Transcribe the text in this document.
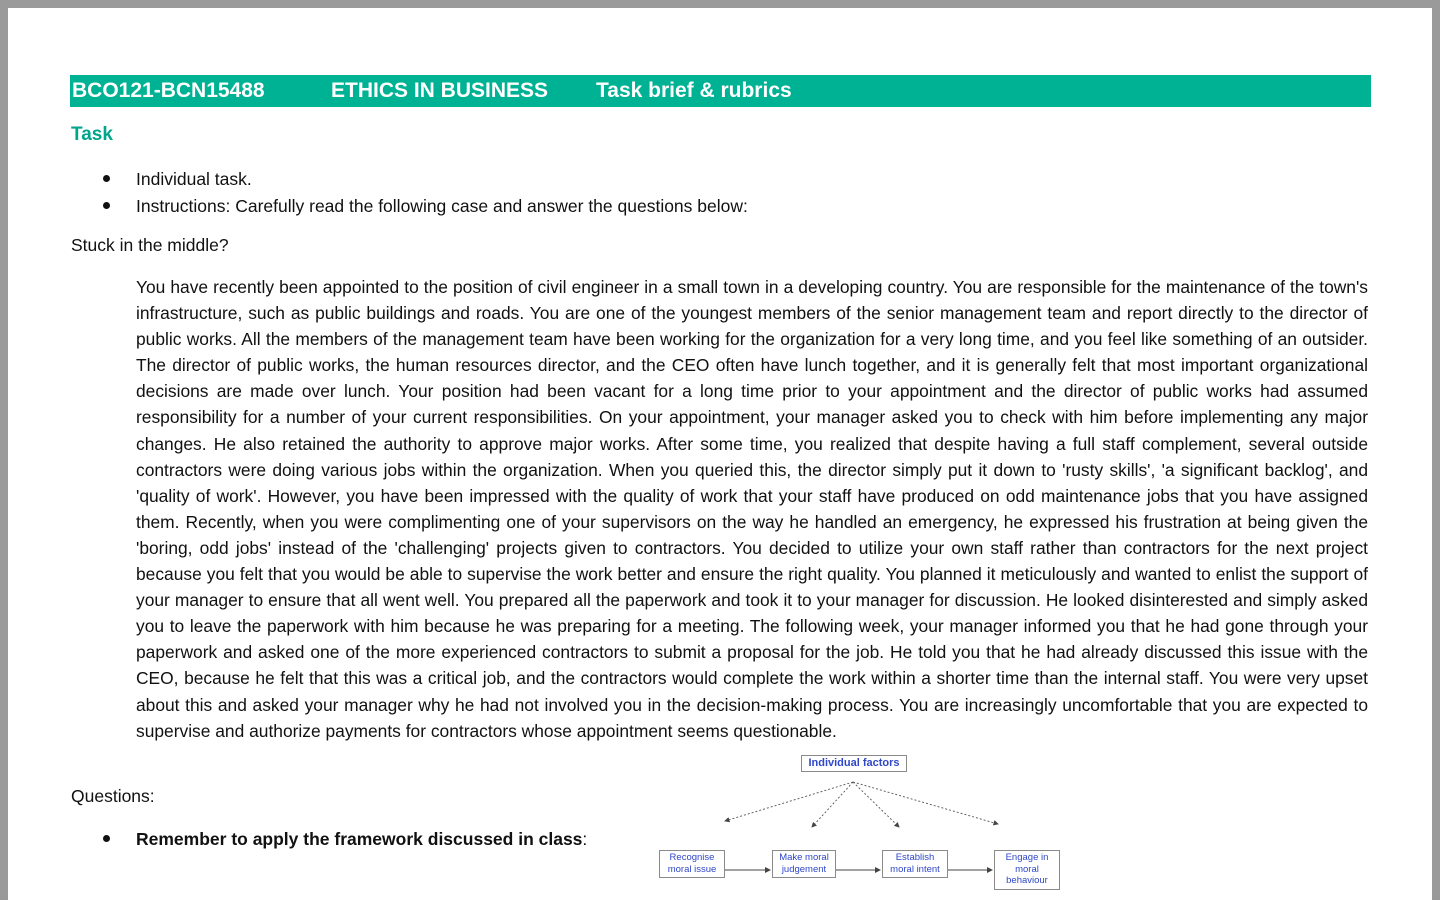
BCO121-BCN15488	ETHICS IN BUSINESS Task brief & rubrics
Task
Individual task.
Instructions: Carefully read the following case and answer the questions below:
Stuck in the middle?
You have recently been appointed to the position of civil engineer in a small town in a developing country. You are responsible for the maintenance of the town's infrastructure, such as public buildings and roads. You are one of the youngest members of the senior management team and report directly to the director of public works. All the members of the management team have been working for the organization for a very long time, and you feel like something of an outsider. The director of public works, the human resources director, and the CEO often have lunch together, and it is generally felt that most important organizational decisions are made over lunch. Your position had been vacant for a long time prior to your appointment and the director of public works had assumed responsibility for a number of your current responsibilities. On your appointment, your manager asked you to check with him before implementing any major changes. He also retained the authority to approve major works. After some time, you realized that despite having a full staff complement, several outside contractors were doing various jobs within the organization. When you queried this, the director simply put it down to 'rusty skills', 'a significant backlog', and 'quality of work'. However, you have been impressed with the quality of work that your staff have produced on odd maintenance jobs that you have assigned them. Recently, when you were complimenting one of your supervisors on the way he handled an emergency, he expressed his frustration at being given the 'boring, odd jobs' instead of the 'challenging' projects given to contractors. You decided to utilize your own staff rather than contractors for the next project because you felt that you would be able to supervise the work better and ensure the right quality. You planned it meticulously and wanted to enlist the support of your manager to ensure that all went well. You prepared all the paperwork and took it to your manager for discussion. He looked disinterested and simply asked you to leave the paperwork with him because he was preparing for a meeting. The following week, your manager informed you that he had gone through your paperwork and asked one of the more experienced contractors to submit a proposal for the job. He told you that he had already discussed this issue with the CEO, because he felt that this was a critical job, and the contractors would complete the work within a shorter time than the internal staff. You were very upset about this and asked your manager why he had not involved you in the decision-making process. You are increasingly uncomfortable that you are expected to supervise and authorize payments for contractors whose appointment seems questionable.
Questions:
Remember to apply the framework discussed in class:
Individual factors
Recognise
moral issue
Make moral
judgement
Establish
moral intent
Engage in
moral
behaviour
